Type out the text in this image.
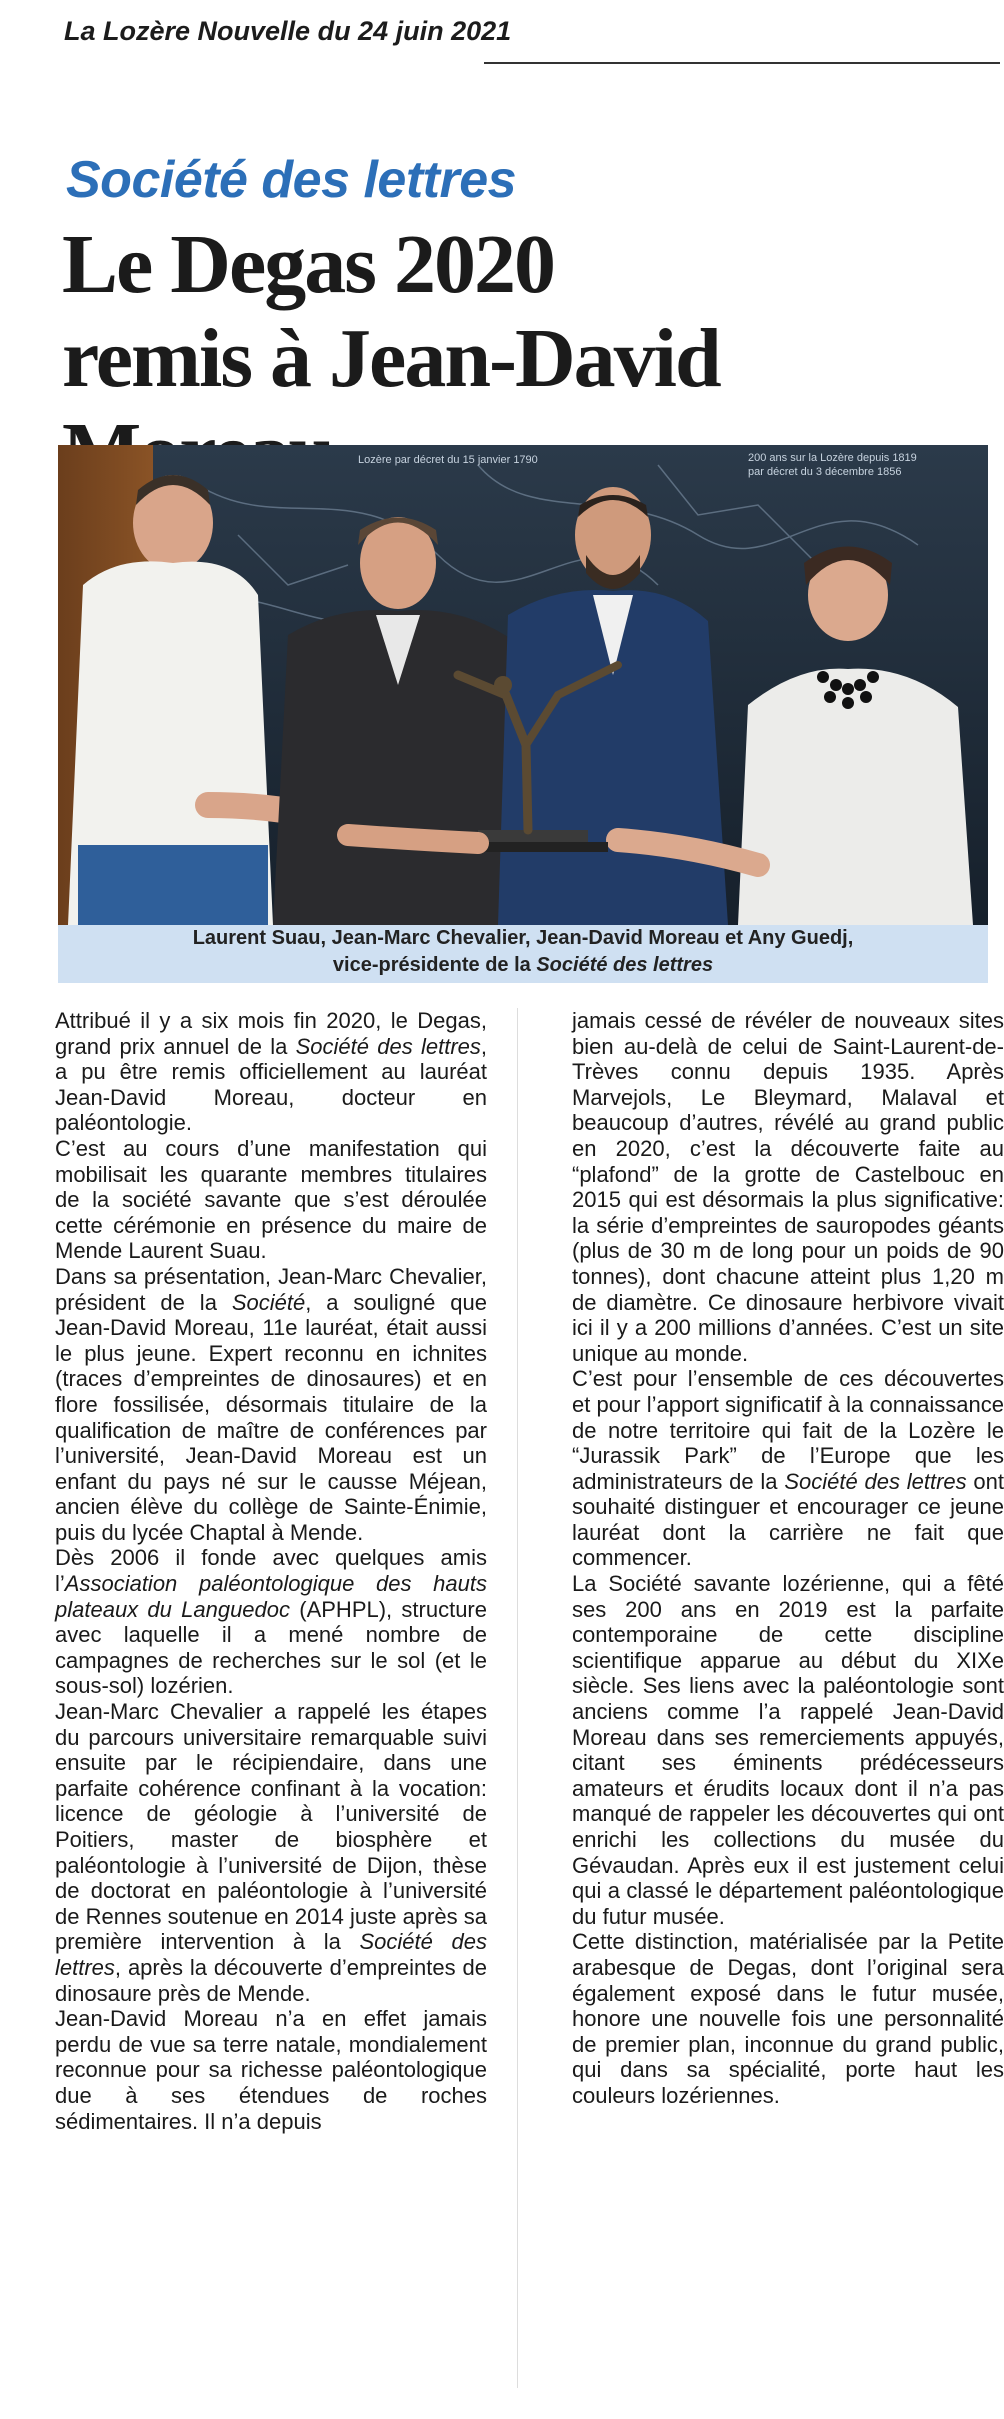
La Lozère Nouvelle du 24 juin 2021
Société des lettres
Le Degas 2020
remis à Jean-David
Lozère par décret du 15 janvier 1790	200 ans sur la Lozère depuis 1819
par décret du 3 décembre 1856
Laurent Suau, Jean-Marc Chevalier, Jean-David Moreau et Any Guedj,
vice-présidente de la Société des lettres

Attribué il y a six mois fin 2020, le Degas, grand prix annuel de la Société des lettres, a pu être remis officiellement au lauréat Jean-David Moreau, docteur en paléontologie.

C’est au cours d’une manifestation qui mobilisait les quarante membres titulaires de la société savante que s’est déroulée cette cérémonie en présence du maire de Mende Laurent Suau.

Dans sa présentation, Jean-Marc Chevalier, président de la Société, a souligné que Jean-David Moreau, 11e lauréat, était aussi le plus jeune. Expert reconnu en ichnites (traces d’empreintes de dinosaures) et en flore fossilisée, désormais titulaire de la qualification de maître de conférences par l’université, Jean-David Moreau est un enfant du pays né sur le causse Méjean, ancien élève du collège de Sainte-Énimie, puis du lycée Chaptal à Mende.

Dès 2006 il fonde avec quelques amis l’Association paléontologique des hauts plateaux du Languedoc (APHPL), structure avec laquelle il a mené nombre de campagnes de recherches sur le sol (et le sous-sol) lozérien.

Jean-Marc Chevalier a rappelé les étapes du parcours universitaire remarquable suivi ensuite par le récipiendaire, dans une parfaite cohérence confinant à la vocation: licence de géologie à l’université de Poitiers, master de biosphère et paléontologie à l’université de Dijon, thèse de doctorat en paléontologie à l’université de Rennes soutenue en 2014 juste après sa première intervention à la Société des lettres, après la découverte d’empreintes de dinosaure près de Mende.

Jean-David Moreau n’a en effet jamais perdu de vue sa terre natale, mondialement reconnue pour sa richesse paléontologique due à ses étendues de roches sédimentaires. Il n’a depuis

jamais cessé de révéler de nouveaux sites bien au-delà de celui de Saint-Laurent-de-Trèves connu depuis 1935. Après Marvejols, Le Bleymard, Malaval et beaucoup d’autres, révélé au grand public en 2020, c’est la découverte faite au “plafond” de la grotte de Castelbouc en 2015 qui est désormais la plus significative: la série d’empreintes de sauropodes géants (plus de 30 m de long pour un poids de 90 tonnes), dont chacune atteint plus 1,20 m de diamètre. Ce dinosaure herbivore vivait ici il y a 200 millions d’années. C’est un site unique au monde.

C’est pour l’ensemble de ces découvertes et pour l’apport significatif à la connaissance de notre territoire qui fait de la Lozère le “Jurassik Park” de l’Europe que les administrateurs de la Société des lettres ont souhaité distinguer et encourager ce jeune lauréat dont la carrière ne fait que commencer.

La Société savante lozérienne, qui a fêté ses 200 ans en 2019 est la parfaite contemporaine de cette discipline scientifique apparue au début du XIXe siècle. Ses liens avec la paléontologie sont anciens comme l’a rappelé Jean-David Moreau dans ses remerciements appuyés, citant ses éminents prédécesseurs amateurs et érudits locaux dont il n’a pas manqué de rappeler les découvertes qui ont enrichi les collections du musée du Gévaudan. Après eux il est justement celui qui a classé le département paléontologique du futur musée.

Cette distinction, matérialisée par la Petite arabesque de Degas, dont l’original sera également exposé dans le futur musée, honore une nouvelle fois une personnalité de premier plan, inconnue du grand public, qui dans sa spécialité, porte haut les couleurs lozériennes.
